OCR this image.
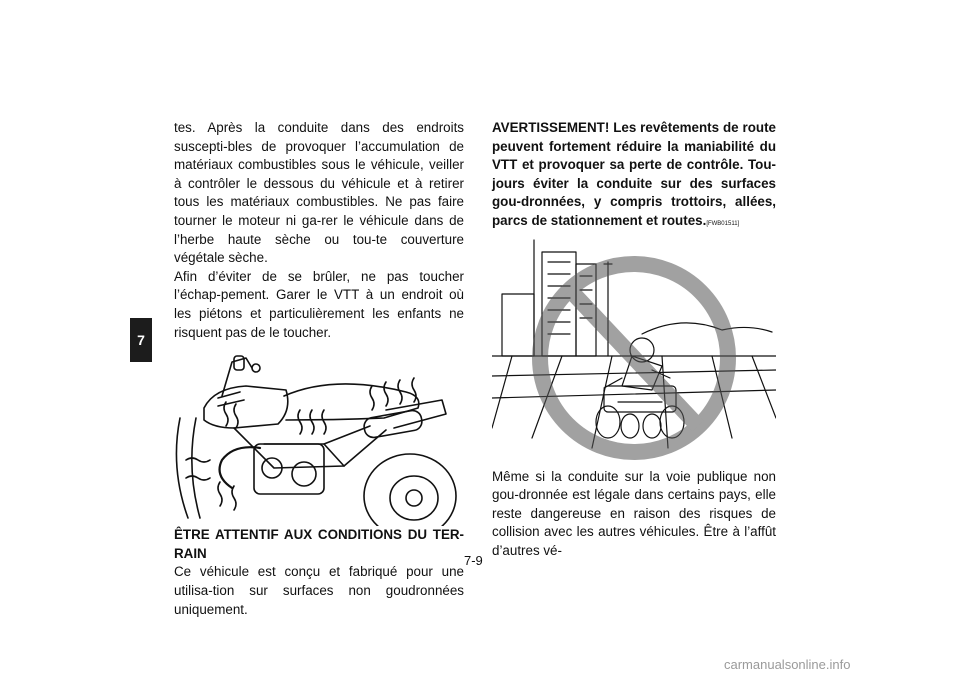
7

tes. Après la conduite dans des endroits suscepti-bles de provoquer l’accumulation de matériaux combustibles sous le véhicule, veiller à contrôler le dessous du véhicule et à retirer tous les matériaux combustibles. Ne pas faire tourner le moteur ni ga-rer le véhicule dans de l’herbe haute sèche ou tou-te couverture végétale sèche.

Afin d’éviter de se brûler, ne pas toucher l’échap-pement. Garer le VTT à un endroit où les piétons et particulièrement les enfants ne risquent pas de le toucher.

ÊTRE ATTENTIF AUX CONDITIONS DU TER-RAIN

Ce véhicule est conçu et fabriqué pour une utilisa-tion sur surfaces non goudronnées uniquement.

AVERTISSEMENT! Les revêtements de route peuvent fortement réduire la maniabilité du VTT et provoquer sa perte de contrôle. Tou-jours éviter la conduite sur des surfaces gou-dronnées, y compris trottoirs, allées, parcs de stationnement et routes.[FWB01511]

Même si la conduite sur la voie publique non gou-dronnée est légale dans certains pays, elle reste dangereuse en raison des risques de collision avec les autres véhicules. Être à l’affût d’autres vé-

7-9
carmanualsonline.info
